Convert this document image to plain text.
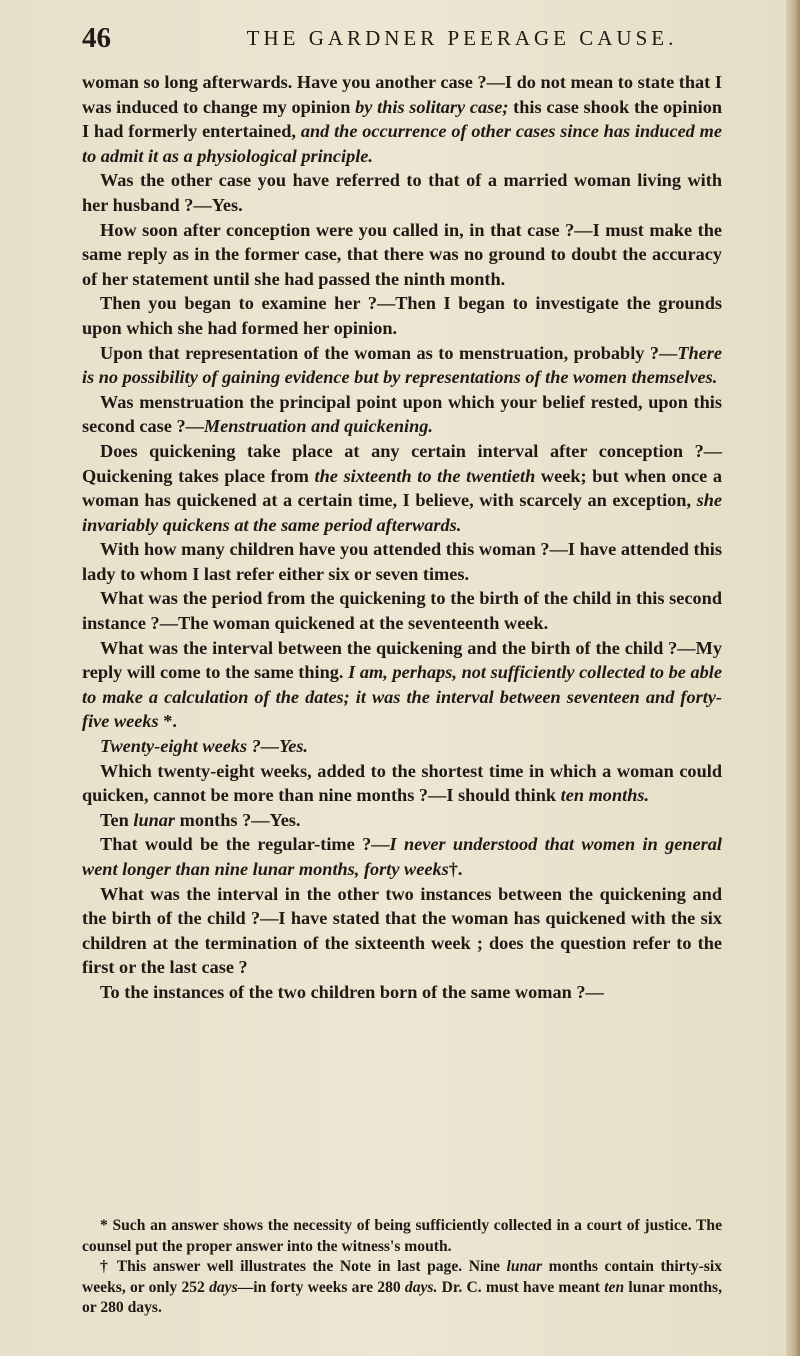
46	THE GARDNER PEERAGE CAUSE.

woman so long afterwards. Have you another case ?—I do not mean to state that I was induced to change my opinion by this solitary case; this case shook the opinion I had formerly entertained, and the occurrence of other cases since has induced me to admit it as a physiological principle.

Was the other case you have referred to that of a married woman living with her husband ?—Yes.

How soon after conception were you called in, in that case ?—I must make the same reply as in the former case, that there was no ground to doubt the accuracy of her statement until she had passed the ninth month.

Then you began to examine her ?—Then I began to investigate the grounds upon which she had formed her opinion.

Upon that representation of the woman as to menstruation, probably ?—There is no possibility of gaining evidence but by representations of the women themselves.

Was menstruation the principal point upon which your belief rested, upon this second case ?—Menstruation and quickening.

Does quickening take place at any certain interval after conception ?—Quickening takes place from the sixteenth to the twentieth week; but when once a woman has quickened at a certain time, I believe, with scarcely an exception, she invariably quickens at the same period afterwards.

With how many children have you attended this woman ?—I have attended this lady to whom I last refer either six or seven times.

What was the period from the quickening to the birth of the child in this second instance ?—The woman quickened at the seventeenth week.

What was the interval between the quickening and the birth of the child ?—My reply will come to the same thing. I am, perhaps, not sufficiently collected to be able to make a calculation of the dates; it was the interval between seventeen and forty-five weeks *.

Twenty-eight weeks ?—Yes.

Which twenty-eight weeks, added to the shortest time in which a woman could quicken, cannot be more than nine months ?—I should think ten months.

Ten lunar months ?—Yes.

That would be the regular-time ?—I never understood that women in general went longer than nine lunar months, forty weeks†.

What was the interval in the other two instances between the quickening and the birth of the child ?—I have stated that the woman has quickened with the six children at the termination of the sixteenth week ; does the question refer to the first or the last case ?

To the instances of the two children born of the same woman ?—

* Such an answer shows the necessity of being sufficiently collected in a court of justice. The counsel put the proper answer into the witness's mouth.

† This answer well illustrates the Note in last page. Nine lunar months contain thirty-six weeks, or only 252 days—in forty weeks are 280 days. Dr. C. must have meant ten lunar months, or 280 days.
